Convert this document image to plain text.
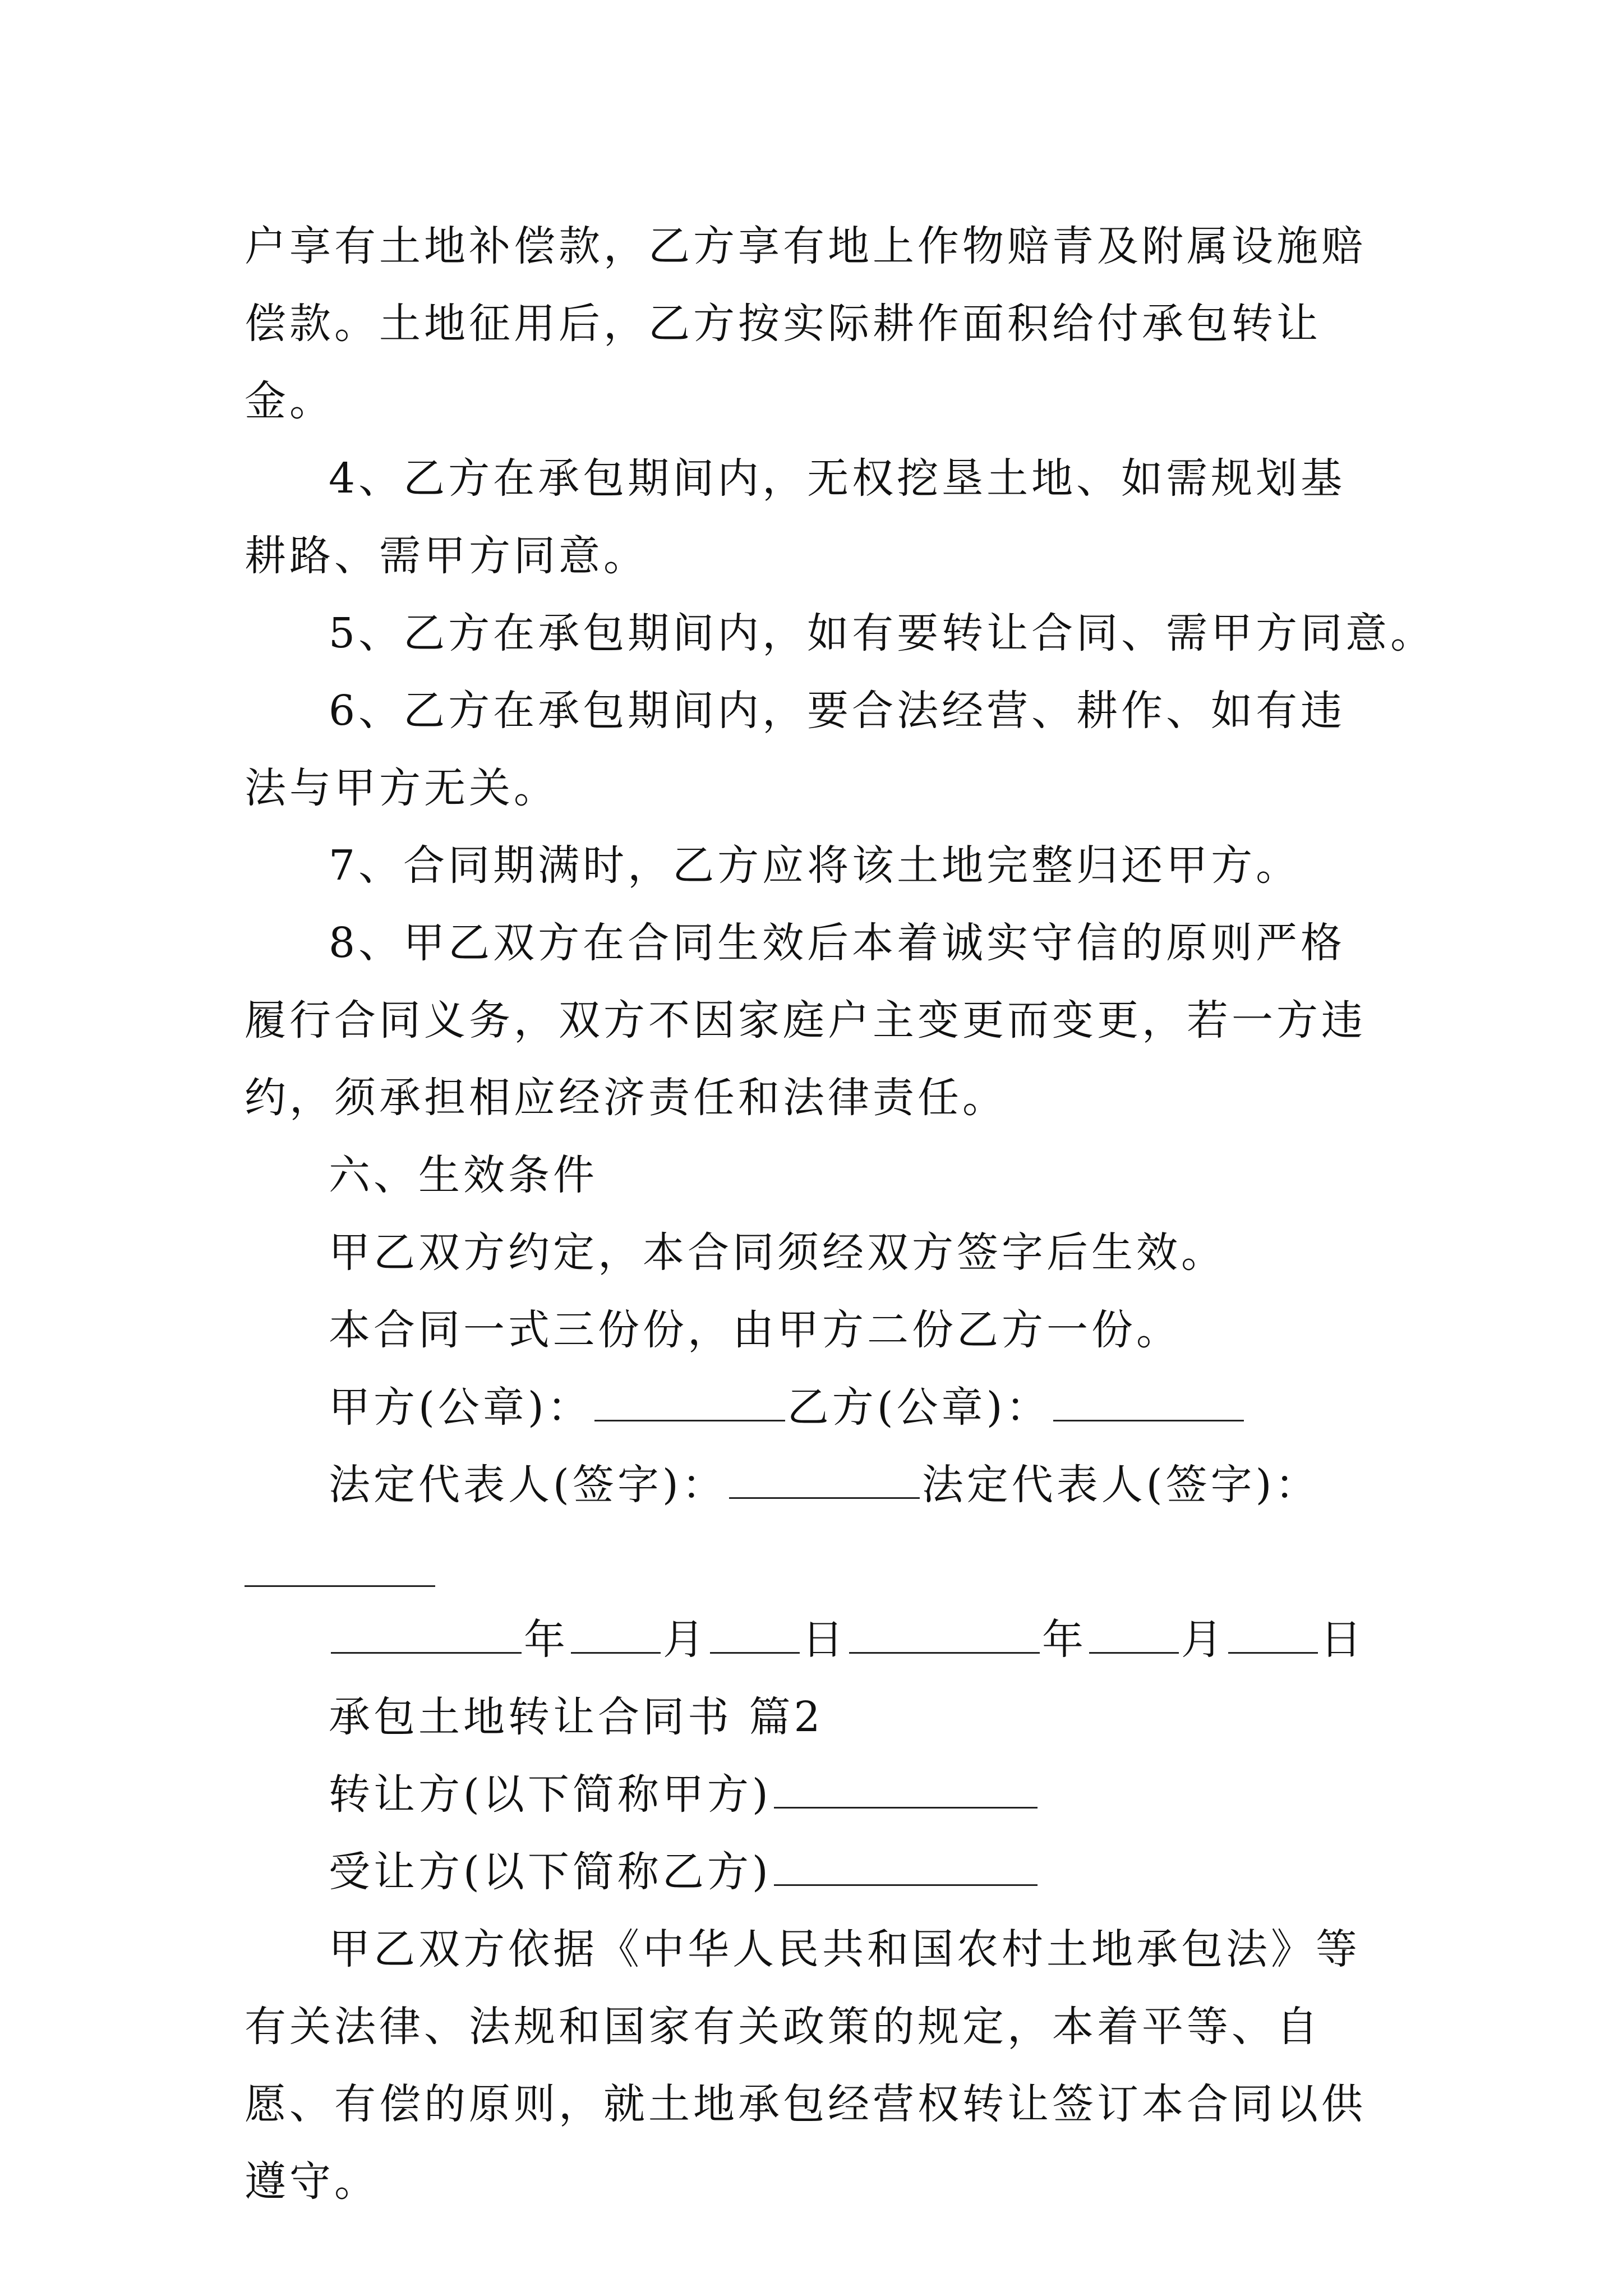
户享有土地补偿款，乙方享有地上作物赔青及附属设施赔偿款。土地征用后，乙方按实际耕作面积给付承包转让金。

4、乙方在承包期间内，无权挖垦土地、如需规划基耕路、需甲方同意。

5、乙方在承包期间内，如有要转让合同、需甲方同意。

6、乙方在承包期间内，要合法经营、耕作、如有违法与甲方无关。

7、合同期满时，乙方应将该土地完整归还甲方。

8、甲乙双方在合同生效后本着诚实守信的原则严格履行合同义务，双方不因家庭户主变更而变更，若一方违约，须承担相应经济责任和法律责任。

六、生效条件

甲乙双方约定，本合同须经双方签字后生效。

本合同一式三份份，由甲方二份乙方一份。

甲方(公章)：	乙方(公章)：

法定代表人(签字)：	法定代表人(签字)：

年 月 日	年 月 日

承包土地转让合同书 篇2

转让方(以下简称甲方)

受让方(以下简称乙方)

甲乙双方依据《中华人民共和国农村土地承包法》等有关法律、法规和国家有关政策的规定，本着平等、自愿、有偿的原则，就土地承包经营权转让签订本合同以供遵守。
